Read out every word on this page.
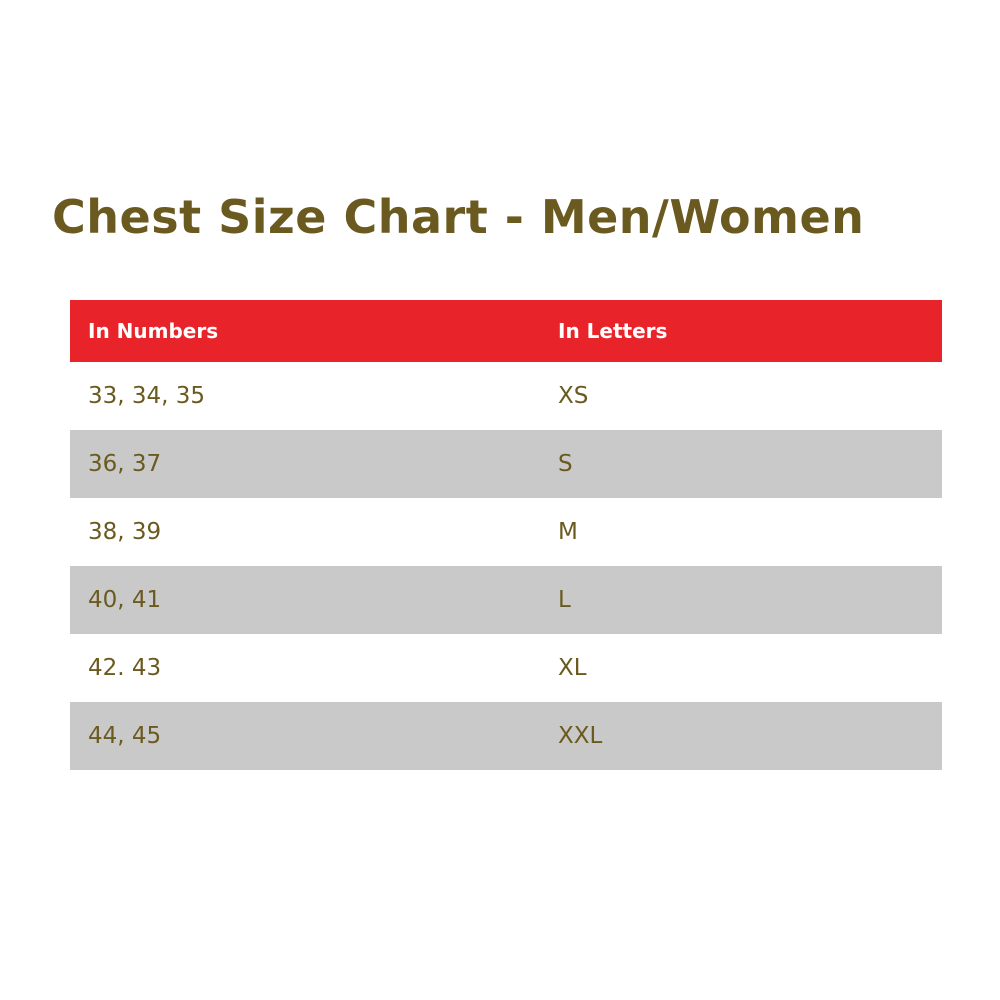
Chest Size Chart - Men/Women
In Numbers	In Letters
33, 34, 35	XS
36, 37	S
38, 39	M
40, 41	L
42. 43	XL
44, 45	XXL
